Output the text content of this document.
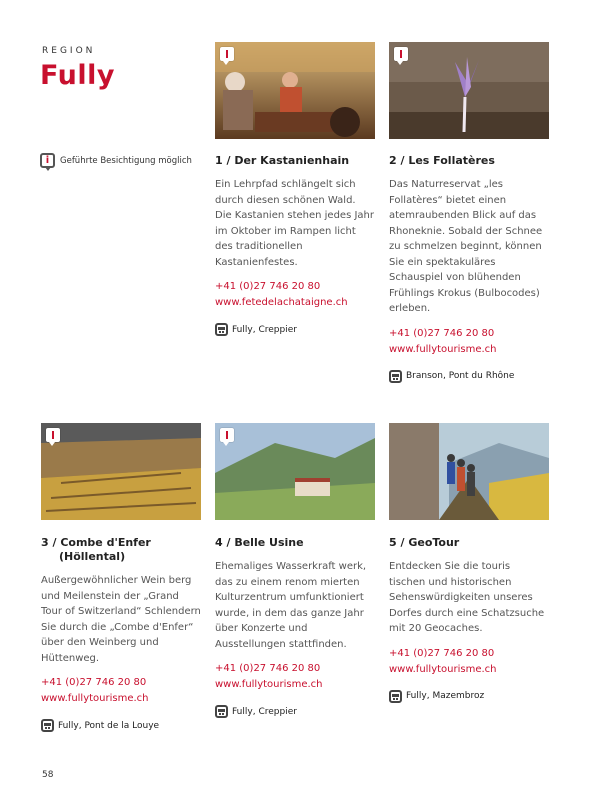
REGION
Fully
i	Geführte Besichtigung möglich 1 / Der Kastanienhain
Ein Lehrpfad schlängelt sich durch diesen schönen Wald. Die Kastanien stehen jedes Jahr im Oktober im Rampen licht des traditionellen Kastanienfestes.
+41 (0)27 746 20 80
www.fetedelachataigne.ch
Fully, Creppier
2 / Les Follatères
Das Naturreservat „les Follatères“ bietet einen atemraubenden Blick auf das Rhoneknie. Sobald der Schnee zu schmelzen beginnt, können Sie ein spektakuläres Schauspiel von blühenden Frühlings Krokus (Bulbocodes) erleben.
+41 (0)27 746 20 80
www.fullytourisme.ch
Branson, Pont du Rhône
3 / Combe d'Enfer
(Höllental)
Außergewöhnlicher Wein berg und Meilenstein der „Grand Tour of Switzerland“ Schlendern Sie durch die „Combe d'Enfer“ über den Weinberg und Hüttenweg.
+41 (0)27 746 20 80
www.fullytourisme.ch
Fully, Pont de la Louye
4 / Belle Usine
Ehemaliges Wasserkraft werk, das zu einem renom mierten Kulturzentrum umfunktioniert wurde, in dem das ganze Jahr über Konzerte und Ausstellungen stattfinden.
+41 (0)27 746 20 80
www.fullytourisme.ch
Fully, Creppier
5 / GeoTour
Entdecken Sie die touris tischen und historischen Sehenswürdigkeiten unseres Dorfes durch eine Schatzsuche mit 20 Geocaches.
+41 (0)27 746 20 80
www.fullytourisme.ch
Fully, Mazembroz
58
